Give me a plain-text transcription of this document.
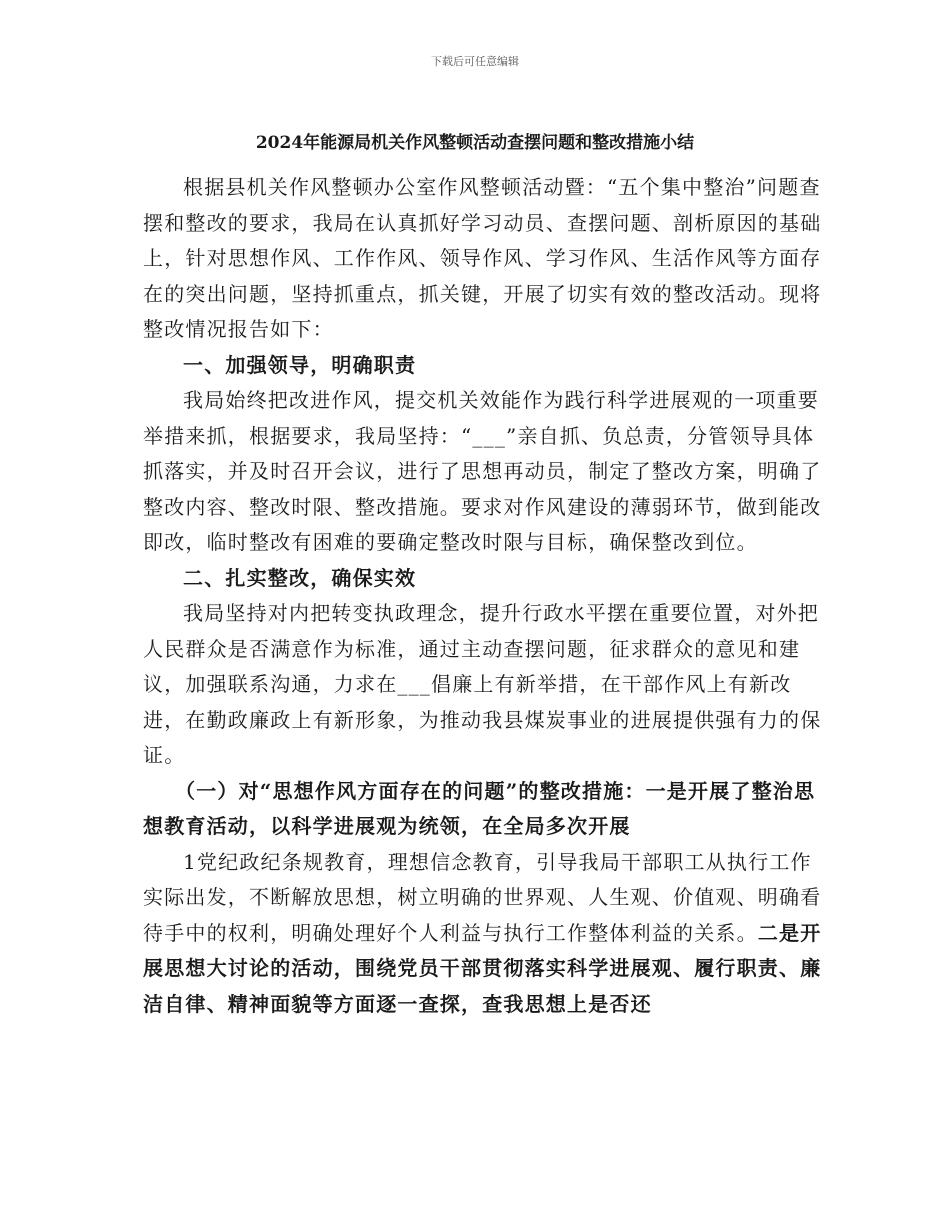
下载后可任意编辑
2024年能源局机关作风整顿活动查摆问题和整改措施小结

根据县机关作风整顿办公室作风整顿活动暨：“五个集中整治”问题查摆和整改的要求，我局在认真抓好学习动员、查摆问题、剖析原因的基础上，针对思想作风、工作作风、领导作风、学习作风、生活作风等方面存在的突出问题，坚持抓重点，抓关键，开展了切实有效的整改活动。现将整改情况报告如下：

一、加强领导，明确职责

我局始终把改进作风，提交机关效能作为践行科学进展观的一项重要举措来抓，根据要求，我局坚持：“___”亲自抓、负总责，分管领导具体抓落实，并及时召开会议，进行了思想再动员，制定了整改方案，明确了整改内容、整改时限、整改措施。要求对作风建设的薄弱环节，做到能改即改，临时整改有困难的要确定整改时限与目标，确保整改到位。

二、扎实整改，确保实效

我局坚持对内把转变执政理念，提升行政水平摆在重要位置，对外把人民群众是否满意作为标准，通过主动查摆问题，征求群众的意见和建议，加强联系沟通，力求在___倡廉上有新举措，在干部作风上有新改进，在勤政廉政上有新形象，为推动我县煤炭事业的进展提供强有力的保证。

（一）对“思想作风方面存在的问题”的整改措施：一是开展了整治思想教育活动，以科学进展观为统领，在全局多次开展

1党纪政纪条规教育，理想信念教育，引导我局干部职工从执行工作实际出发，不断解放思想，树立明确的世界观、人生观、价值观、明确看待手中的权利，明确处理好个人利益与执行工作整体利益的关系。二是开展思想大讨论的活动，围绕党员干部贯彻落实科学进展观、履行职责、廉洁自律、精神面貌等方面逐一查探，查我思想上是否还
